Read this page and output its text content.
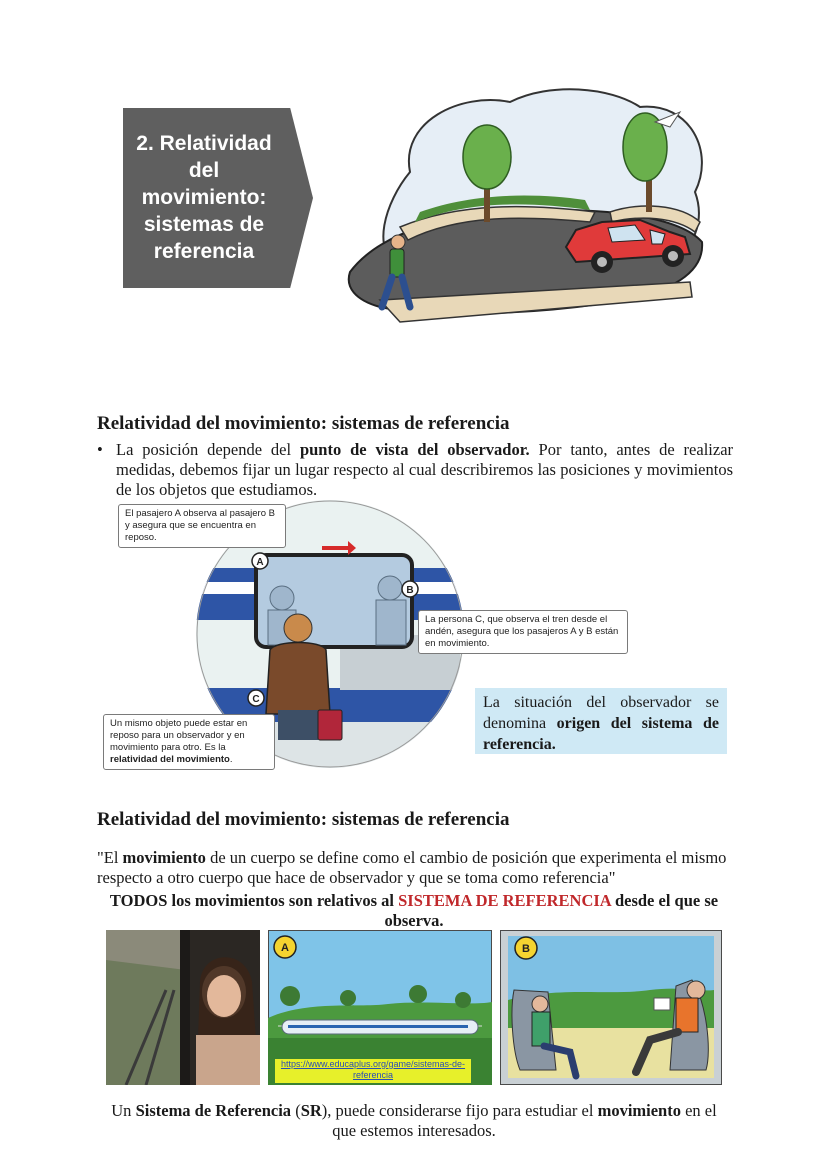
2. Relatividad
del
movimiento:
sistemas de
referencia
Relatividad del movimiento: sistemas de referencia
• La posición depende del punto de vista del observador. Por tanto, antes de realizar medidas, debemos fijar un lugar respecto al cual describiremos las posiciones y movimientos de los objetos que estudiamos.
A
B
C
El pasajero A observa al pasajero B y asegura que se encuentra en reposo.
La persona C, que observa el tren desde el andén, asegura que los pasajeros A y B están en movimiento.
Un mismo objeto puede estar en reposo para un observador y en movimiento para otro. Es la relatividad del movimiento.
La situación del observador se denomina origen del sistema de referencia.
Relatividad del movimiento: sistemas de referencia
"El movimiento de un cuerpo se define como el cambio de posición que experimenta el mismo respecto a otro cuerpo que hace de observador y que se toma como referencia"
TODOS los movimientos son relativos al SISTEMA DE REFERENCIA desde el que se observa.
A
https://www.educaplus.org/game/sistemas-de-referencia
B
Un Sistema de Referencia (SR), puede considerarse fijo para estudiar el movimiento en el que estemos interesados.
